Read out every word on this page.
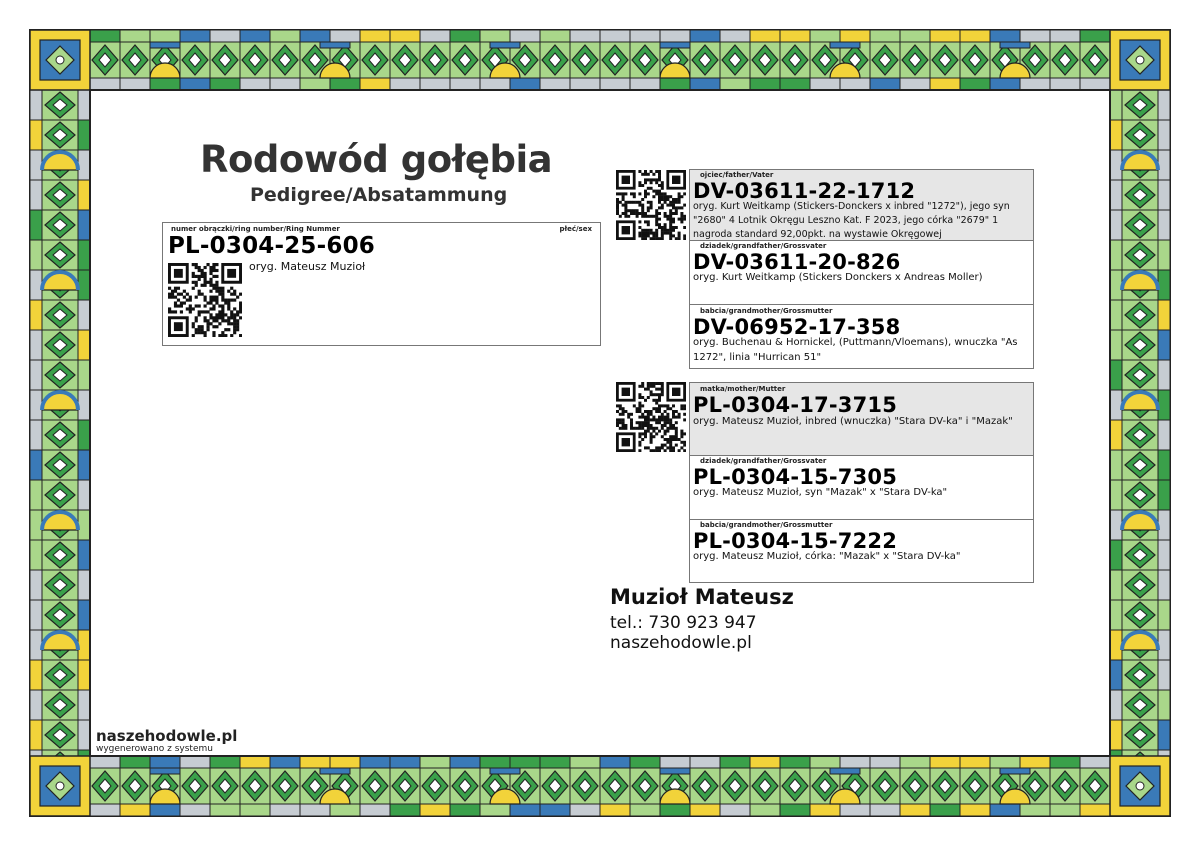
Rodowód gołębia
Pedigree/Absatammung
numer obrączki/ring number/Ring Nummer	płeć/sex
PL-0304-25-606
oryg. Mateusz Muzioł
ojciec/father/Vater
DV-03611-22-1712
oryg. Kurt Weitkamp (Stickers-Donckers x inbred "1272"), jego syn "2680" 4 Lotnik Okręgu Leszno Kat. F 2023, jego córka "2679" 1 nagroda standard 92,00pkt. na wystawie Okręgowej
dziadek/grandfather/Grossvater
DV-03611-20-826
oryg. Kurt Weitkamp (Stickers Donckers x Andreas Moller)
babcia/grandmother/Grossmutter
DV-06952-17-358
oryg. Buchenau & Hornickel, (Puttmann/Vloemans), wnuczka "As 1272", linia "Hurrican 51"
matka/mother/Mutter
PL-0304-17-3715
oryg. Mateusz Muzioł, inbred (wnuczka) "Stara DV-ka" i "Mazak"
dziadek/grandfather/Grossvater
PL-0304-15-7305
oryg. Mateusz Muzioł, syn "Mazak" x "Stara DV-ka"
babcia/grandmother/Grossmutter
PL-0304-15-7222
oryg. Mateusz Muzioł, córka: "Mazak" x "Stara DV-ka"
Muzioł Mateusz
tel.: 730 923 947
naszehodowle.pl
naszehodowle.pl
wygenerowano z systemu
